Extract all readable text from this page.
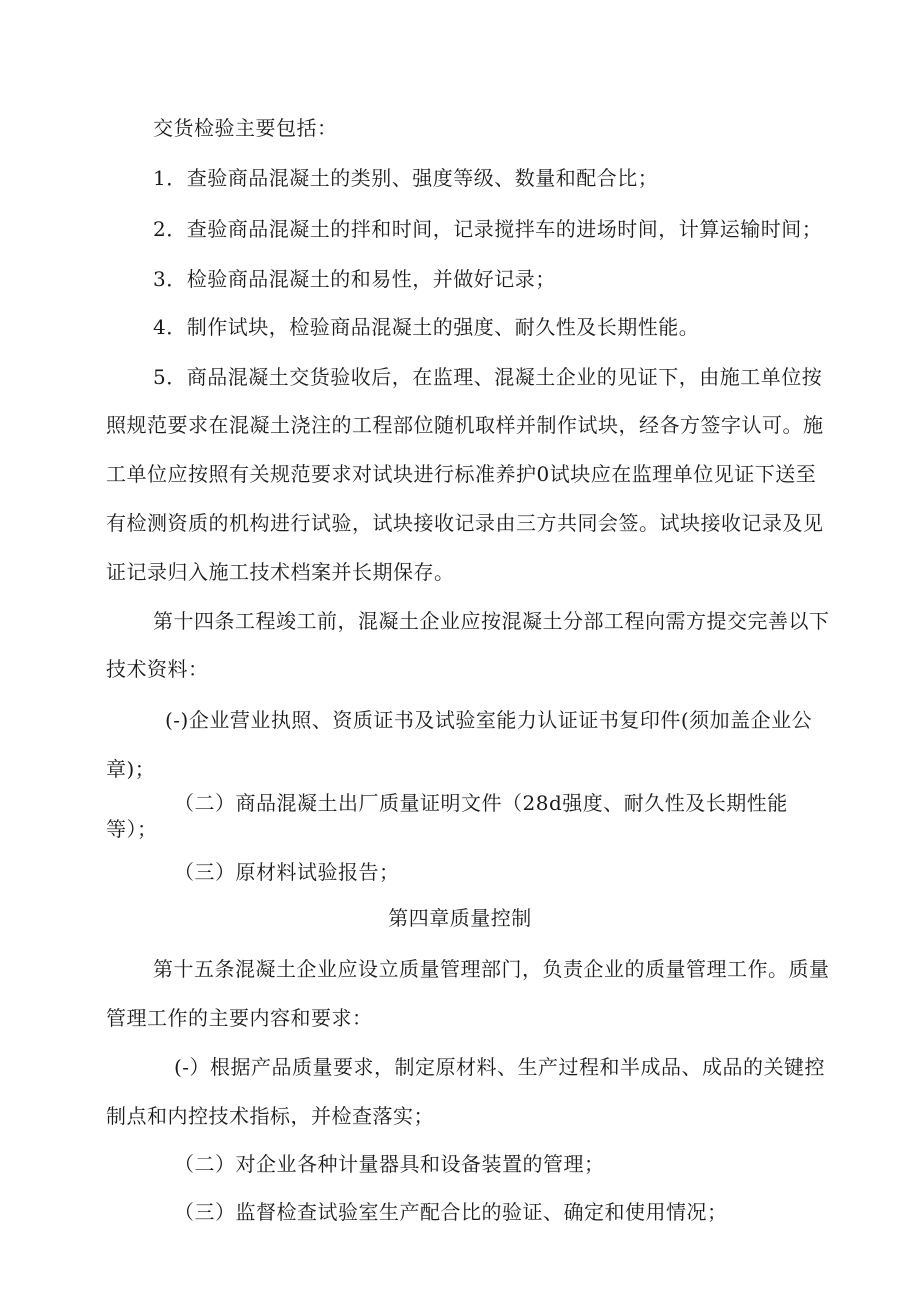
交货检验主要包括：
1．查验商品混凝土的类别、强度等级、数量和配合比；
2．查验商品混凝土的拌和时间，记录搅拌车的进场时间，计算运输时间；
3．检验商品混凝土的和易性，并做好记录；
4．制作试块，检验商品混凝土的强度、耐久性及长期性能。
5．商品混凝土交货验收后，在监理、混凝土企业的见证下，由施工单位按
照规范要求在混凝土浇注的工程部位随机取样并制作试块，经各方签字认可。施
工单位应按照有关规范要求对试块进行标准养护0试块应在监理单位见证下送至
有检测资质的机构进行试验，试块接收记录由三方共同会签。试块接收记录及见
证记录归入施工技术档案并长期保存。
第十四条工程竣工前，混凝土企业应按混凝土分部工程向需方提交完善以下
技术资料：
(-)企业营业执照、资质证书及试验室能力认证证书复印件(须加盖企业公
章)；
（二）商品混凝土出厂质量证明文件（28d强度、耐久性及长期性能
等）；
（三）原材料试验报告；
第四章质量控制
第十五条混凝土企业应设立质量管理部门，负责企业的质量管理工作。质量
管理工作的主要内容和要求：
(-）根据产品质量要求，制定原材料、生产过程和半成品、成品的关键控
制点和内控技术指标，并检查落实；
（二）对企业各种计量器具和设备装置的管理；
（三）监督检查试验室生产配合比的验证、确定和使用情况；
